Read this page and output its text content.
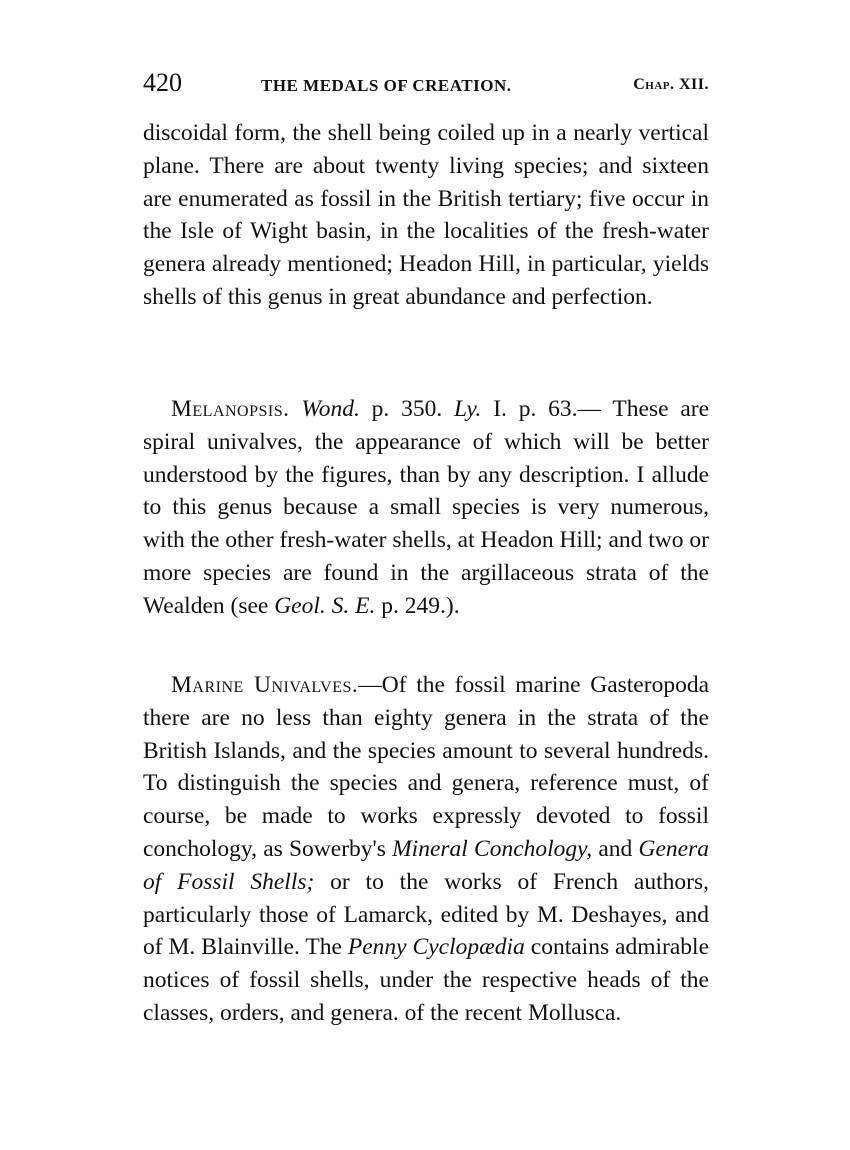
420	THE MEDALS OF CREATION.	Chap. XII.

discoidal form, the shell being coiled up in a nearly vertical plane. There are about twenty living species; and sixteen are enumerated as fossil in the British tertiary; five occur in the Isle of Wight basin, in the localities of the fresh-water genera already mentioned; Headon Hill, in particular, yields shells of this genus in great abundance and perfection.

Melanopsis. Wond. p. 350. Ly. I. p. 63.— These are spiral univalves, the appearance of which will be better understood by the figures, than by any description. I allude to this genus because a small species is very numerous, with the other fresh-water shells, at Headon Hill; and two or more species are found in the argillaceous strata of the Wealden (see Geol. S. E. p. 249.).

Marine Univalves.—Of the fossil marine Gasteropoda there are no less than eighty genera in the strata of the British Islands, and the species amount to several hundreds. To distinguish the species and genera, reference must, of course, be made to works expressly devoted to fossil conchology, as Sowerby's Mineral Conchology, and Genera of Fossil Shells; or to the works of French authors, particularly those of Lamarck, edited by M. Deshayes, and of M. Blainville. The Penny Cyclopædia contains admirable notices of fossil shells, under the respective heads of the classes, orders, and genera. of the recent Mollusca.
